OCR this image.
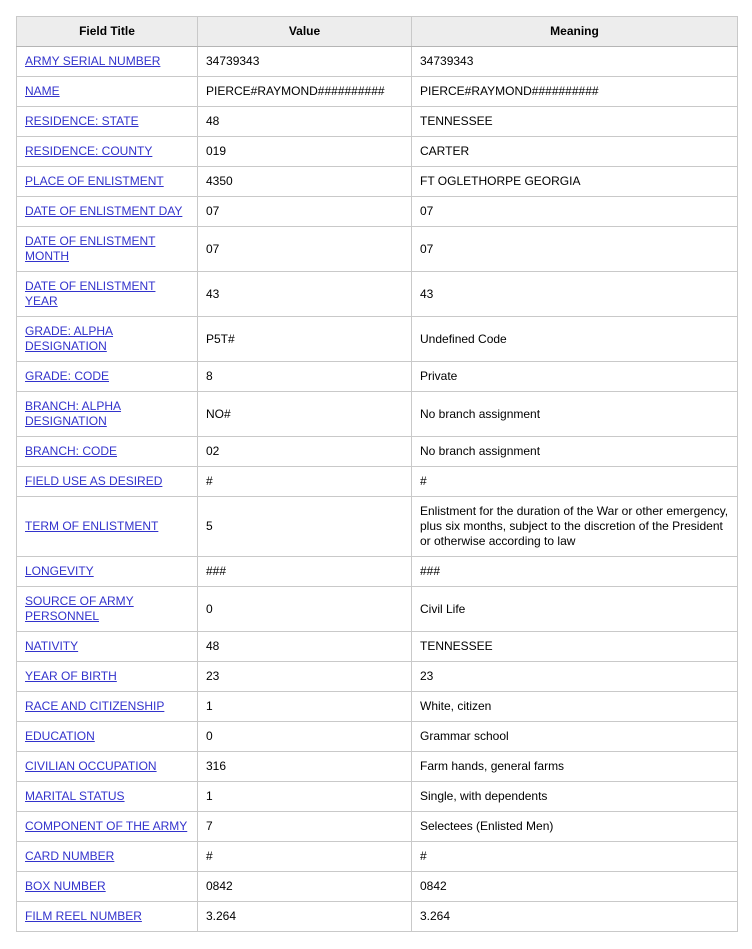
Field Title	Value	Meaning
ARMY SERIAL NUMBER	34739343	34739343
NAME	PIERCE#RAYMOND##########	PIERCE#RAYMOND##########
RESIDENCE: STATE	48	TENNESSEE
RESIDENCE: COUNTY	019	CARTER
PLACE OF ENLISTMENT	4350	FT OGLETHORPE GEORGIA
DATE OF ENLISTMENT DAY	07	07
DATE OF ENLISTMENT
MONTH	07	07
DATE OF ENLISTMENT YEAR	43	43
GRADE: ALPHA
DESIGNATION	P5T#	Undefined Code
GRADE: CODE	8	Private
BRANCH: ALPHA
DESIGNATION	NO#	No branch assignment
BRANCH: CODE	02	No branch assignment
FIELD USE AS DESIRED	#	#
TERM OF ENLISTMENT	5	Enlistment for the duration of the War or other emergency, plus six months, subject to the discretion of the President or otherwise according to law
LONGEVITY	###	###
SOURCE OF ARMY
PERSONNEL	0	Civil Life
NATIVITY	48	TENNESSEE
YEAR OF BIRTH	23	23
RACE AND CITIZENSHIP	1	White, citizen
EDUCATION	0	Grammar school
CIVILIAN OCCUPATION	316	Farm hands, general farms
MARITAL STATUS	1	Single, with dependents
COMPONENT OF THE ARMY	7	Selectees (Enlisted Men)
CARD NUMBER	#	#
BOX NUMBER	0842	0842
FILM REEL NUMBER	3.264	3.264
